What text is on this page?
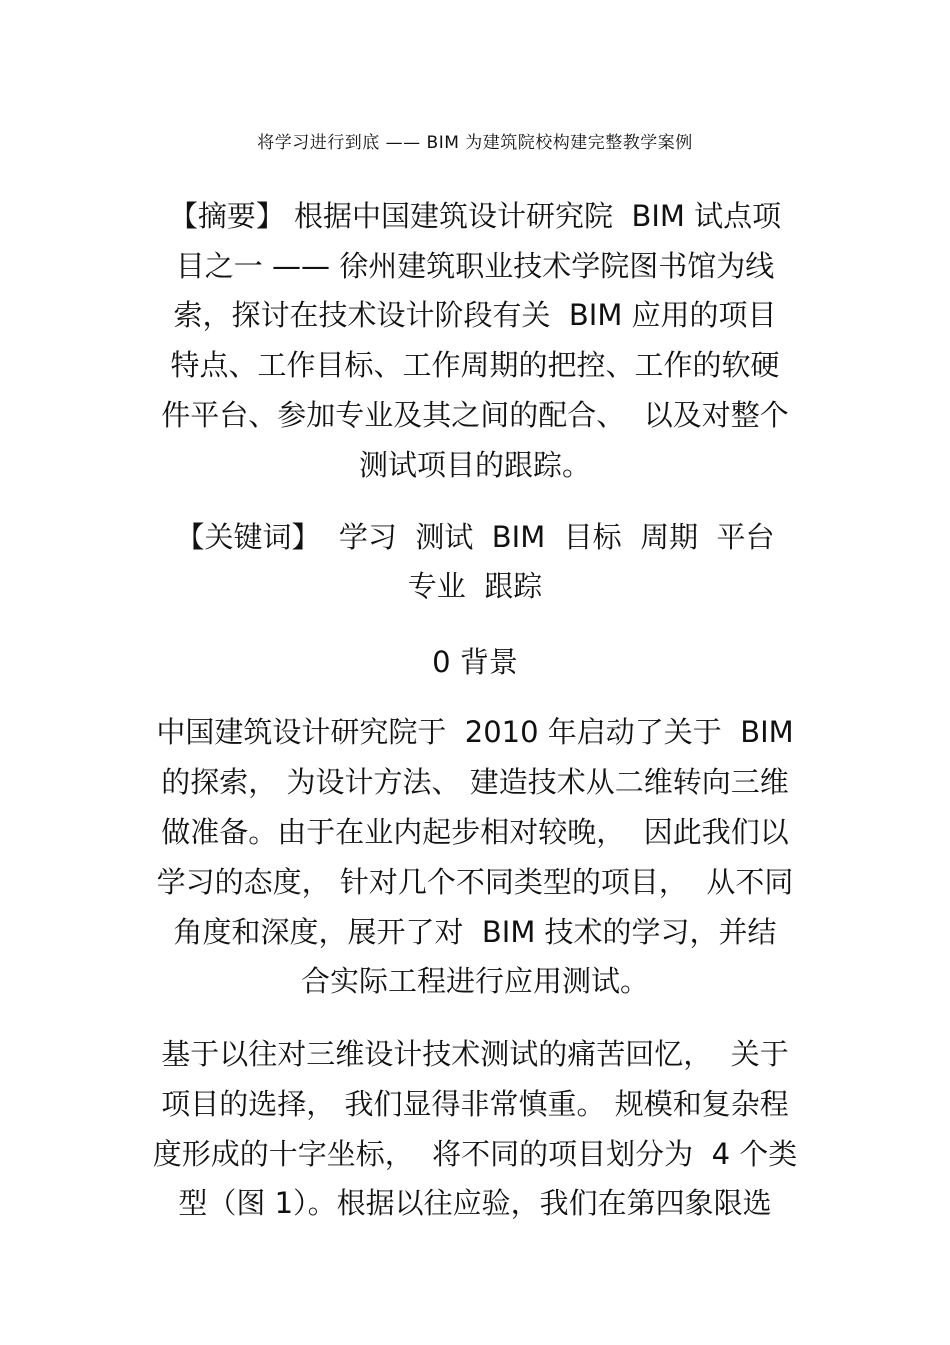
将学习进行到底 —— BIM 为建筑院校构建完整教学案例
【摘要】 根据中国建筑设计研究院  BIM 试点项
目之一 —— 徐州建筑职业技术学院图书馆为线
索，探讨在技术设计阶段有关  BIM 应用的项目
特点、工作目标、工作周期的把控、工作的软硬
件平台、参加专业及其之间的配合、  以及对整个
测试项目的跟踪。
【关键词】  学习  测试  BIM  目标  周期  平台
专业  跟踪
0 背景
中国建筑设计研究院于  2010 年启动了关于  BIM
的探索， 为设计方法、 建造技术从二维转向三维
做准备。由于在业内起步相对较晚，  因此我们以
学习的态度， 针对几个不同类型的项目，  从不同
角度和深度，展开了对  BIM 技术的学习，并结
合实际工程进行应用测试。
基于以往对三维设计技术测试的痛苦回忆，  关于
项目的选择， 我们显得非常慎重。 规模和复杂程
度形成的十字坐标，  将不同的项目划分为  4 个类
型（图 1）。根据以往应验，我们在第四象限选
